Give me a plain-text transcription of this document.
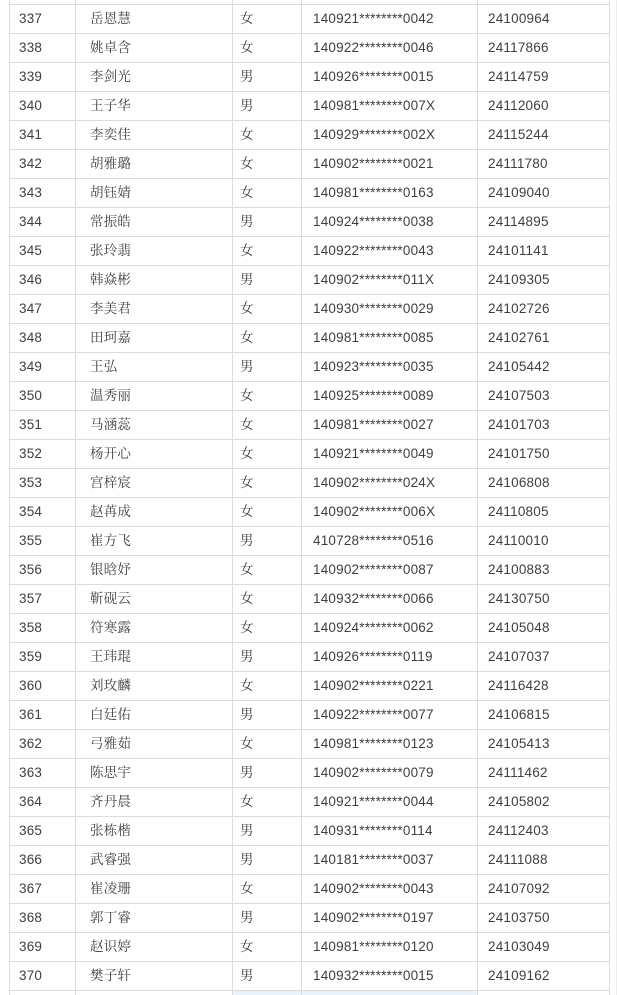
337	岳恩慧	女	140921********0042	24100964
338	姚卓含	女	140922********0046	24117866
339	李剑光	男	140926********0015	24114759
340	王子华	男	140981********007X	24112060
341	李奕佳	女	140929********002X	24115244
342	胡雅璐	女	140902********0021	24111780
343	胡钰婧	女	140981********0163	24109040
344	常振皓	男	140924********0038	24114895
345	张玲翡	女	140922********0043	24101141
346	韩焱彬	男	140902********011X	24109305
347	李美君	女	140930********0029	24102726
348	田珂嘉	女	140981********0085	24102761
349	王弘	男	140923********0035	24105442
350	温秀丽	女	140925********0089	24107503
351	马涵蕊	女	140981********0027	24101703
352	杨开心	女	140921********0049	24101750
353	宫梓宸	女	140902********024X	24106808
354	赵苒成	女	140902********006X	24110805
355	崔方飞	男	410728********0516	24110010
356	银晗妤	女	140902********0087	24100883
357	靳砚云	女	140932********0066	24130750
358	符寒露	女	140924********0062	24105048
359	王玮琨	男	140926********0119	24107037
360	刘玫麟	女	140902********0221	24116428
361	白廷佑	男	140922********0077	24106815
362	弓雅茹	女	140981********0123	24105413
363	陈思宇	男	140902********0079	24111462
364	齐丹晨	女	140921********0044	24105802
365	张栋楷	男	140931********0114	24112403
366	武睿强	男	140181********0037	24111088
367	崔凌珊	女	140902********0043	24107092
368	郭丁睿	男	140902********0197	24103750
369	赵识婷	女	140981********0120	24103049
370	樊子轩	男	140932********0015	24109162
